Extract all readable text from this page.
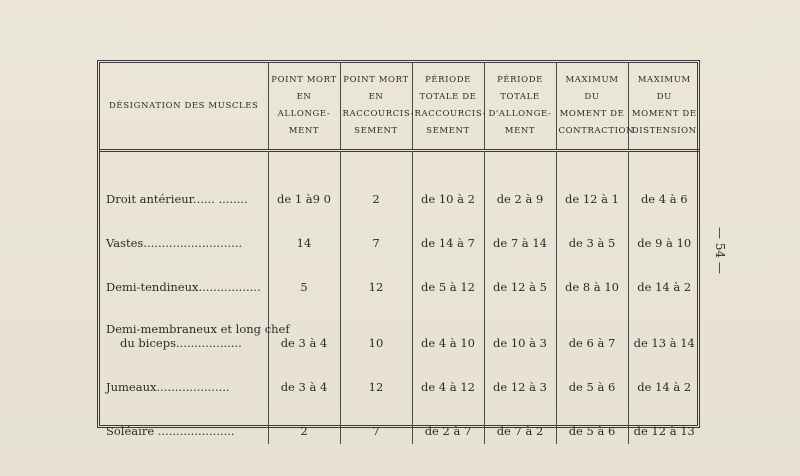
DÉSIGNATION DES MUSCLES	POINT MORT
EN
ALLONGE-
MENT	POINT MORT
EN
RACCOURCIS-
SEMENT	PÉRIODE
TOTALE DE
RACCOURCIS-
SEMENT	PÉRIODE
TOTALE
D'ALLONGE-
MENT	MAXIMUM
DU
MOMENT DE
CONTRACTION	MAXIMUM
DU
MOMENT DE
DISTENSION

Droit antérieur...... ........	de 1 à9 0	2	de 10 à 2	de 2 à 9	de 12 à 1	de 4 à 6

Vastes...........................	14	7	de 14 à 7	de 7 à 14	de 3 à 5	de 9 à 10

Demi-tendineux.................	5	12	de 5 à 12	de 12 à 5	de 8 à 10	de 14 à 2

Demi-membraneux et long chef
du biceps..................	de 3 à 4	10	de 4 à 10	de 10 à 3	de 6 à 7	de 13 à 14

Jumeaux....................	de 3 à 4	12	de 4 à 12	de 12 à 3	de 5 à 6	de 14 à 2

Soléaire .....................	2	7	de 2 à 7	de 7 à 2	de 5 à 6	de 12 à 13
— 54 —
